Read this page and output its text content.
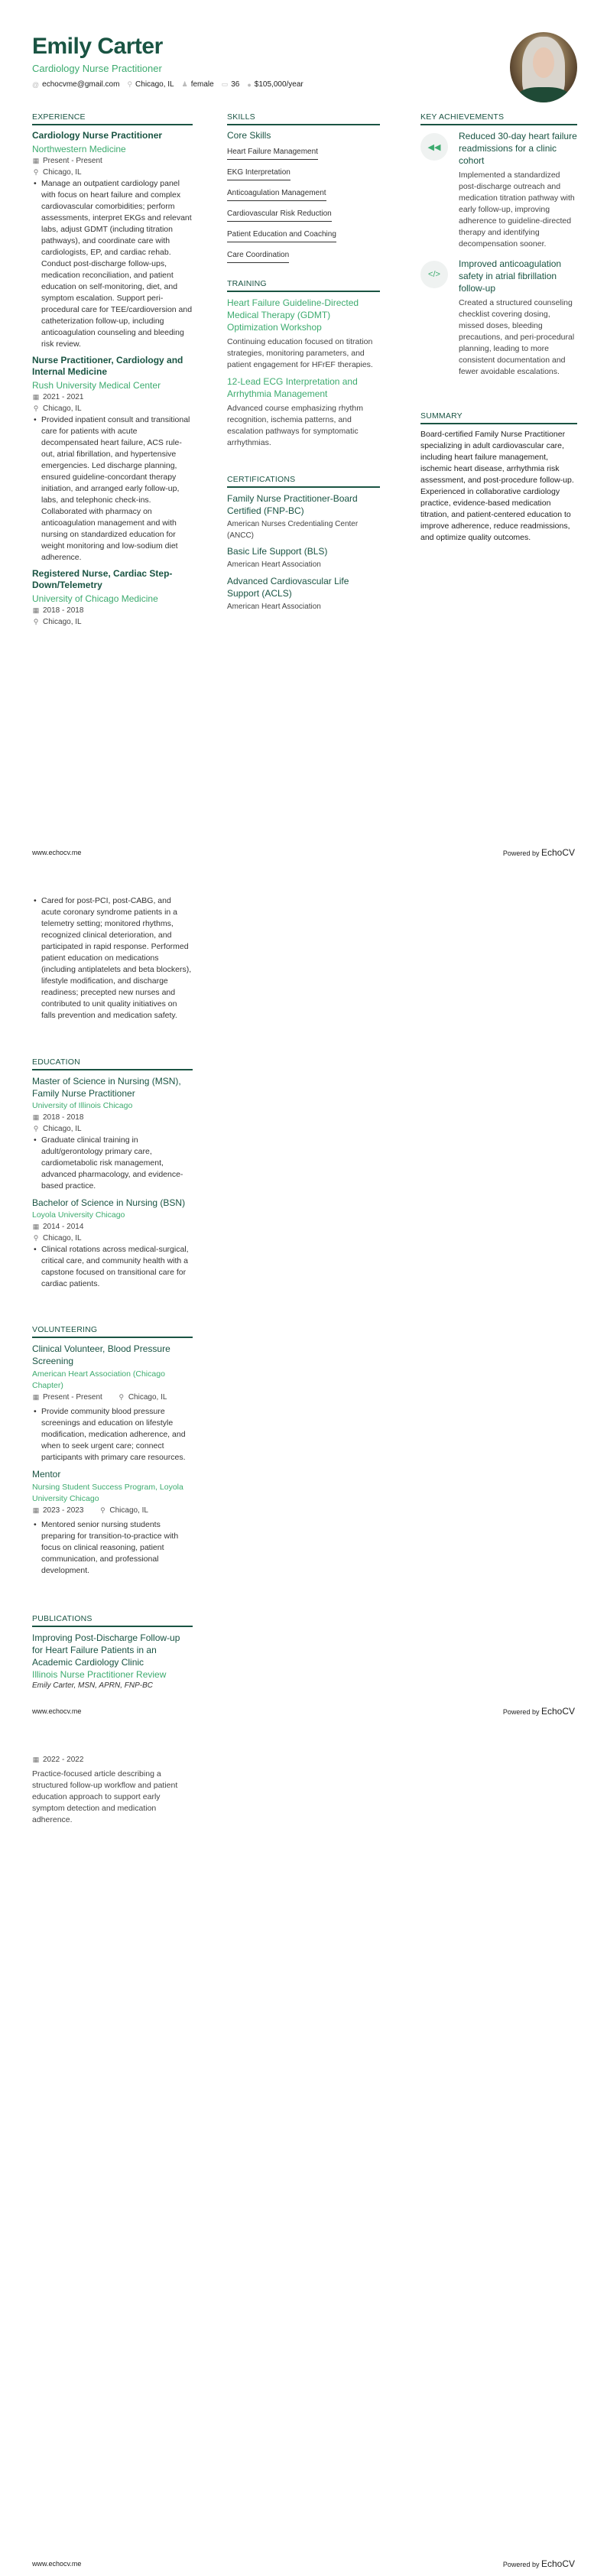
Emily Carter
Cardiology Nurse Practitioner
@ echocvme@gmail.com ⚲ Chicago, IL ♟ female ▭ 36 ● $105,000/year
EXPERIENCE
Cardiology Nurse Practitioner
Northwestern Medicine
▦ Present - Present
⚲ Chicago, IL
• Manage an outpatient cardiology panel with focus on heart failure and complex cardiovascular comorbidities; perform assessments, interpret EKGs and relevant labs, adjust GDMT (including titration pathways), and coordinate care with cardiologists, EP, and cardiac rehab. Conduct post-discharge follow-ups, medication reconciliation, and patient education on self-monitoring, diet, and symptom escalation. Support peri-procedural care for TEE/cardioversion and catheterization follow-up, including anticoagulation counseling and bleeding risk review.
Nurse Practitioner, Cardiology and Internal Medicine
Rush University Medical Center
▦ 2021 - 2021
⚲ Chicago, IL
• Provided inpatient consult and transitional care for patients with acute decompensated heart failure, ACS rule-out, atrial fibrillation, and hypertensive emergencies. Led discharge planning, ensured guideline-concordant therapy initiation, and arranged early follow-up, labs, and telephonic check-ins. Collaborated with pharmacy on anticoagulation management and with nursing on standardized education for weight monitoring and low-sodium diet adherence.
Registered Nurse, Cardiac Step-Down/Telemetry
University of Chicago Medicine
▦ 2018 - 2018
⚲ Chicago, IL
SKILLS
Core Skills
Heart Failure Management
EKG Interpretation
Anticoagulation Management
Cardiovascular Risk Reduction
Patient Education and Coaching
Care Coordination
TRAINING
Heart Failure Guideline-Directed Medical Therapy (GDMT) Optimization Workshop
Continuing education focused on titration strategies, monitoring parameters, and patient engagement for HFrEF therapies.
12-Lead ECG Interpretation and Arrhythmia Management
Advanced course emphasizing rhythm recognition, ischemia patterns, and escalation pathways for symptomatic arrhythmias.
CERTIFICATIONS
Family Nurse Practitioner-Board Certified (FNP-BC)
American Nurses Credentialing Center (ANCC)
Basic Life Support (BLS)
American Heart Association
Advanced Cardiovascular Life Support (ACLS)
American Heart Association
KEY ACHIEVEMENTS
◀◀
Reduced 30-day heart failure readmissions for a clinic cohort
Implemented a standardized post-discharge outreach and medication titration pathway with early follow-up, improving adherence to guideline-directed therapy and identifying decompensation sooner.
</>
Improved anticoagulation safety in atrial fibrillation follow-up
Created a structured counseling checklist covering dosing, missed doses, bleeding precautions, and peri-procedural planning, leading to more consistent documentation and fewer avoidable escalations.
SUMMARY
Board-certified Family Nurse Practitioner specializing in adult cardiovascular care, including heart failure management, ischemic heart disease, arrhythmia risk assessment, and post-procedure follow-up. Experienced in collaborative cardiology practice, evidence-based medication titration, and patient-centered education to improve adherence, reduce readmissions, and optimize quality outcomes.
www.echocv.me	Powered by EchoCV
• Cared for post-PCI, post-CABG, and acute coronary syndrome patients in a telemetry setting; monitored rhythms, recognized clinical deterioration, and participated in rapid response. Performed patient education on medications (including antiplatelets and beta blockers), lifestyle modification, and discharge readiness; precepted new nurses and contributed to unit quality initiatives on falls prevention and medication safety.
EDUCATION
Master of Science in Nursing (MSN), Family Nurse Practitioner
University of Illinois Chicago
▦ 2018 - 2018
⚲ Chicago, IL
• Graduate clinical training in adult/gerontology primary care, cardiometabolic risk management, advanced pharmacology, and evidence-based practice.
Bachelor of Science in Nursing (BSN)
Loyola University Chicago
▦ 2014 - 2014
⚲ Chicago, IL
• Clinical rotations across medical-surgical, critical care, and community health with a capstone focused on transitional care for cardiac patients.
VOLUNTEERING
Clinical Volunteer, Blood Pressure Screening
American Heart Association (Chicago Chapter)
▦ Present - Present ⚲ Chicago, IL
• Provide community blood pressure screenings and education on lifestyle modification, medication adherence, and when to seek urgent care; connect participants with primary care resources.
Mentor
Nursing Student Success Program, Loyola University Chicago
▦ 2023 - 2023 ⚲ Chicago, IL
• Mentored senior nursing students preparing for transition-to-practice with focus on clinical reasoning, patient communication, and professional development.
PUBLICATIONS
Improving Post-Discharge Follow-up for Heart Failure Patients in an Academic Cardiology Clinic
Illinois Nurse Practitioner Review
Emily Carter, MSN, APRN, FNP-BC
www.echocv.me	Powered by EchoCV
▦ 2022 - 2022
Practice-focused article describing a structured follow-up workflow and patient education approach to support early symptom detection and medication adherence.
www.echocv.me	Powered by EchoCV
